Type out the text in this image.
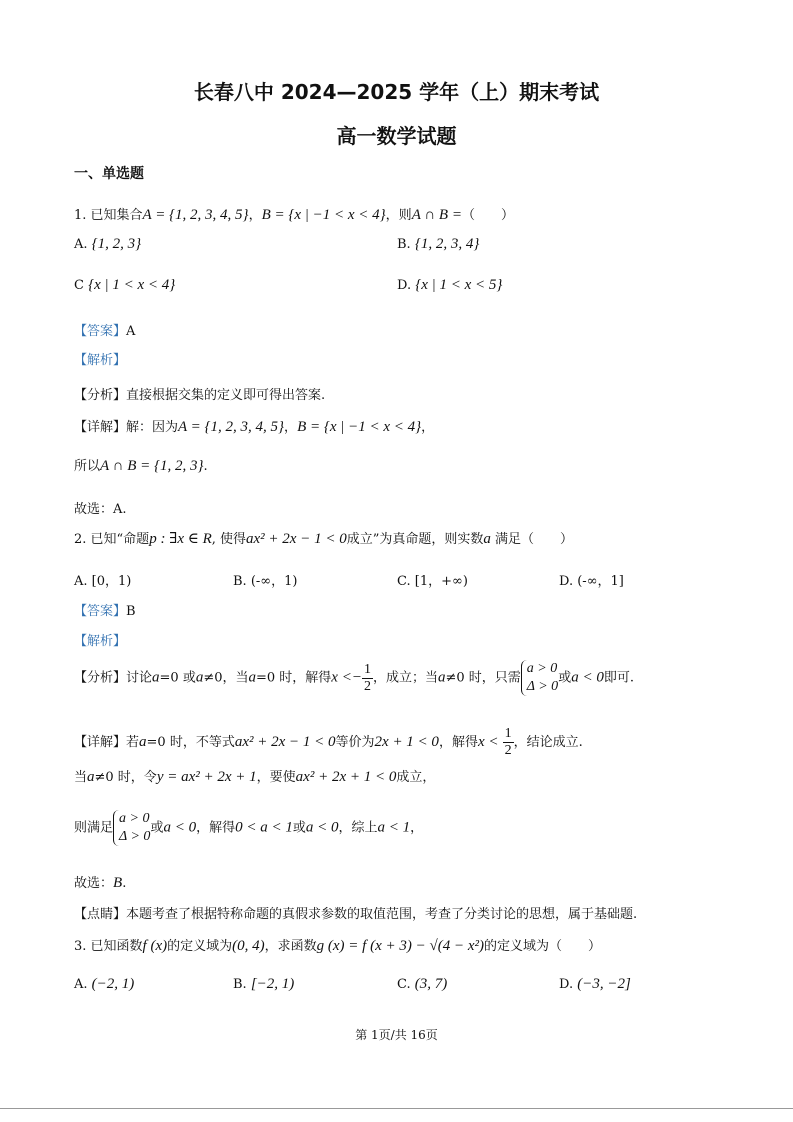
长春八中 2024—2025 学年（上）期末考试
高一数学试题
一、单选题
1. 已知集合A = {1, 2, 3, 4, 5}，B = {x | −1 < x < 4}，则A ∩ B =（　　）
A. {1, 2, 3}	B. {1, 2, 3, 4}
C {x | 1 < x < 4}	D. {x | 1 < x < 5}
【答案】A
【解析】
【分析】直接根据交集的定义即可得出答案.
【详解】解：因为A = {1, 2, 3, 4, 5}，B = {x | −1 < x < 4}，
所以A ∩ B = {1, 2, 3}.
故选：A.
2. 已知“命题p : ∃x ∈ R, 使得ax² + 2x − 1 < 0成立”为真命题，则实数a 满足（　　）
A. [0，1)	B. (-∞，1)	C. [1，+∞)	D. (-∞，1]
【答案】B
【解析】
【分析】讨论a=0 或a≠0，当a=0 时，解得$x <- \frac{1}{2}$ ，成立；当a≠0 时，只需
a > 0
Δ > 0
或a < 0即可.
【详解】若a=0 时，不等式ax² + 2x − 1 < 0等价为2x + 1 < 0，解得$x < \frac{1}{2}$ ，结论成立.
当a≠0 时，令y = ax² + 2x + 1，要使ax² + 2x + 1 < 0成立，
则满足
a > 0
Δ > 0
或a < 0，解得0 < a < 1或a < 0，综上a < 1，
故选：B.
【点睛】本题考查了根据特称命题的真假求参数的取值范围，考查了分类讨论的思想，属于基础题.
3. 已知函数f (x)的定义域为(0, 4)，求函数g (x) = f (x + 3) − √(4 − x²)的定义域为（　　）
A. (−2, 1)	B. [−2, 1)	C. (3, 7)	D. (−3, −2]
第 1页/共 16页
